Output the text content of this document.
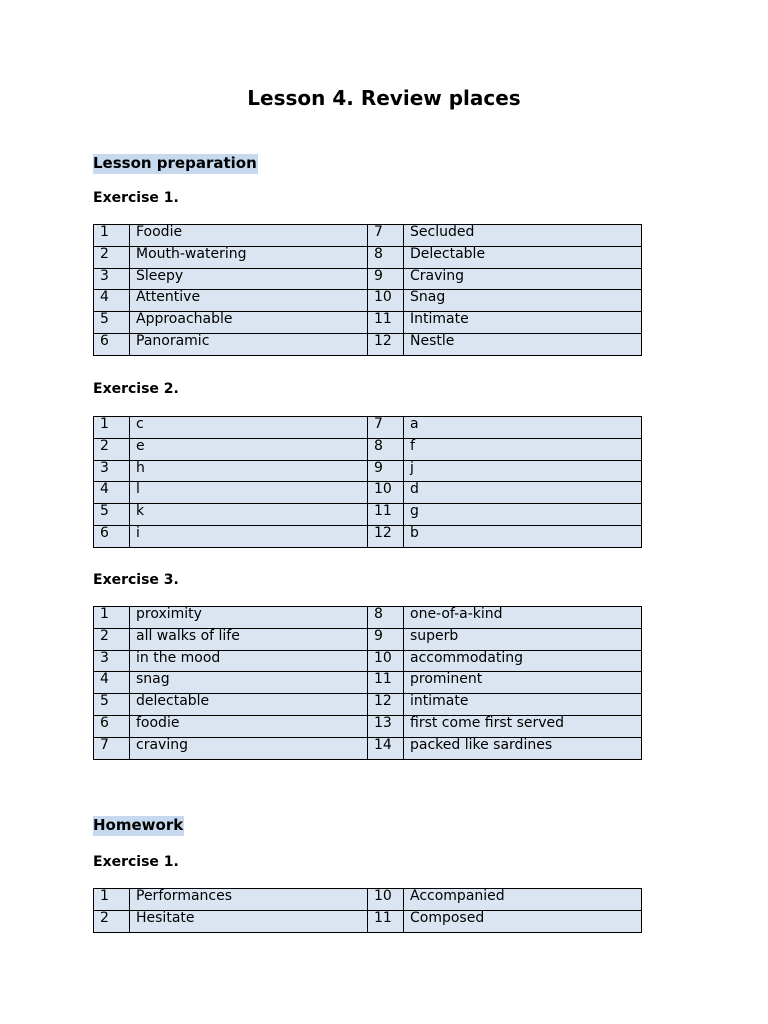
Lesson 4. Review places
Lesson preparation
Exercise 1.
1	Foodie	7	Secluded
2	Mouth-watering	8	Delectable
3	Sleepy	9	Craving
4	Attentive	10	Snag
5	Approachable	11	Intimate
6	Panoramic	12	Nestle
Exercise 2.
1	c	7	a
2	e	8	f
3	h	9	j
4	l	10	d
5	k	11	g
6	i	12	b
Exercise 3.
1	proximity	8	one-of-a-kind
2	all walks of life	9	superb
3	in the mood	10	accommodating
4	snag	11	prominent
5	delectable	12	intimate
6	foodie	13	first come first served
7	craving	14	packed like sardines
Homework
Exercise 1.
1	Performances	10	Accompanied
2	Hesitate	11	Composed
